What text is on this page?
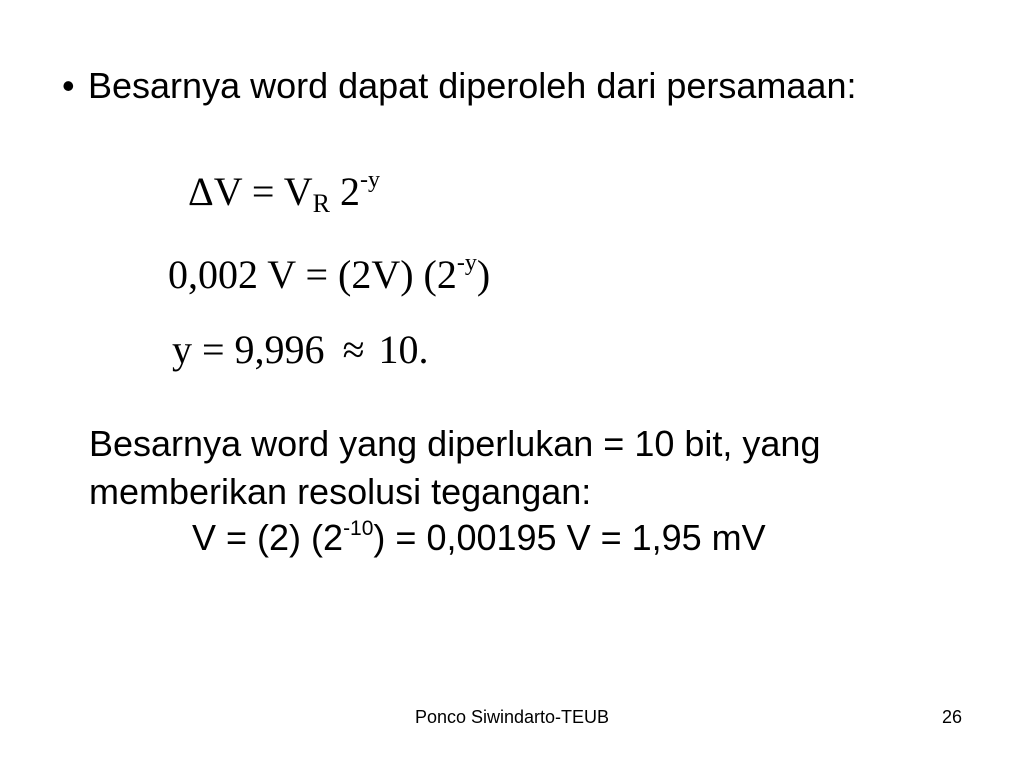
• Besarnya word dapat diperoleh dari persamaan:
$\Delta V = V_R$ $2^{-y}$
0,002 V = (2V) $(2^{-y})$
y = 9,996 ≈ 10.
Besarnya word yang diperlukan = 10 bit, yang
memberikan resolusi tegangan:
V = (2) $(2^{-10}) = 0,00195$ V = 1,95 mV
Ponco Siwindarto-TEUB	26
